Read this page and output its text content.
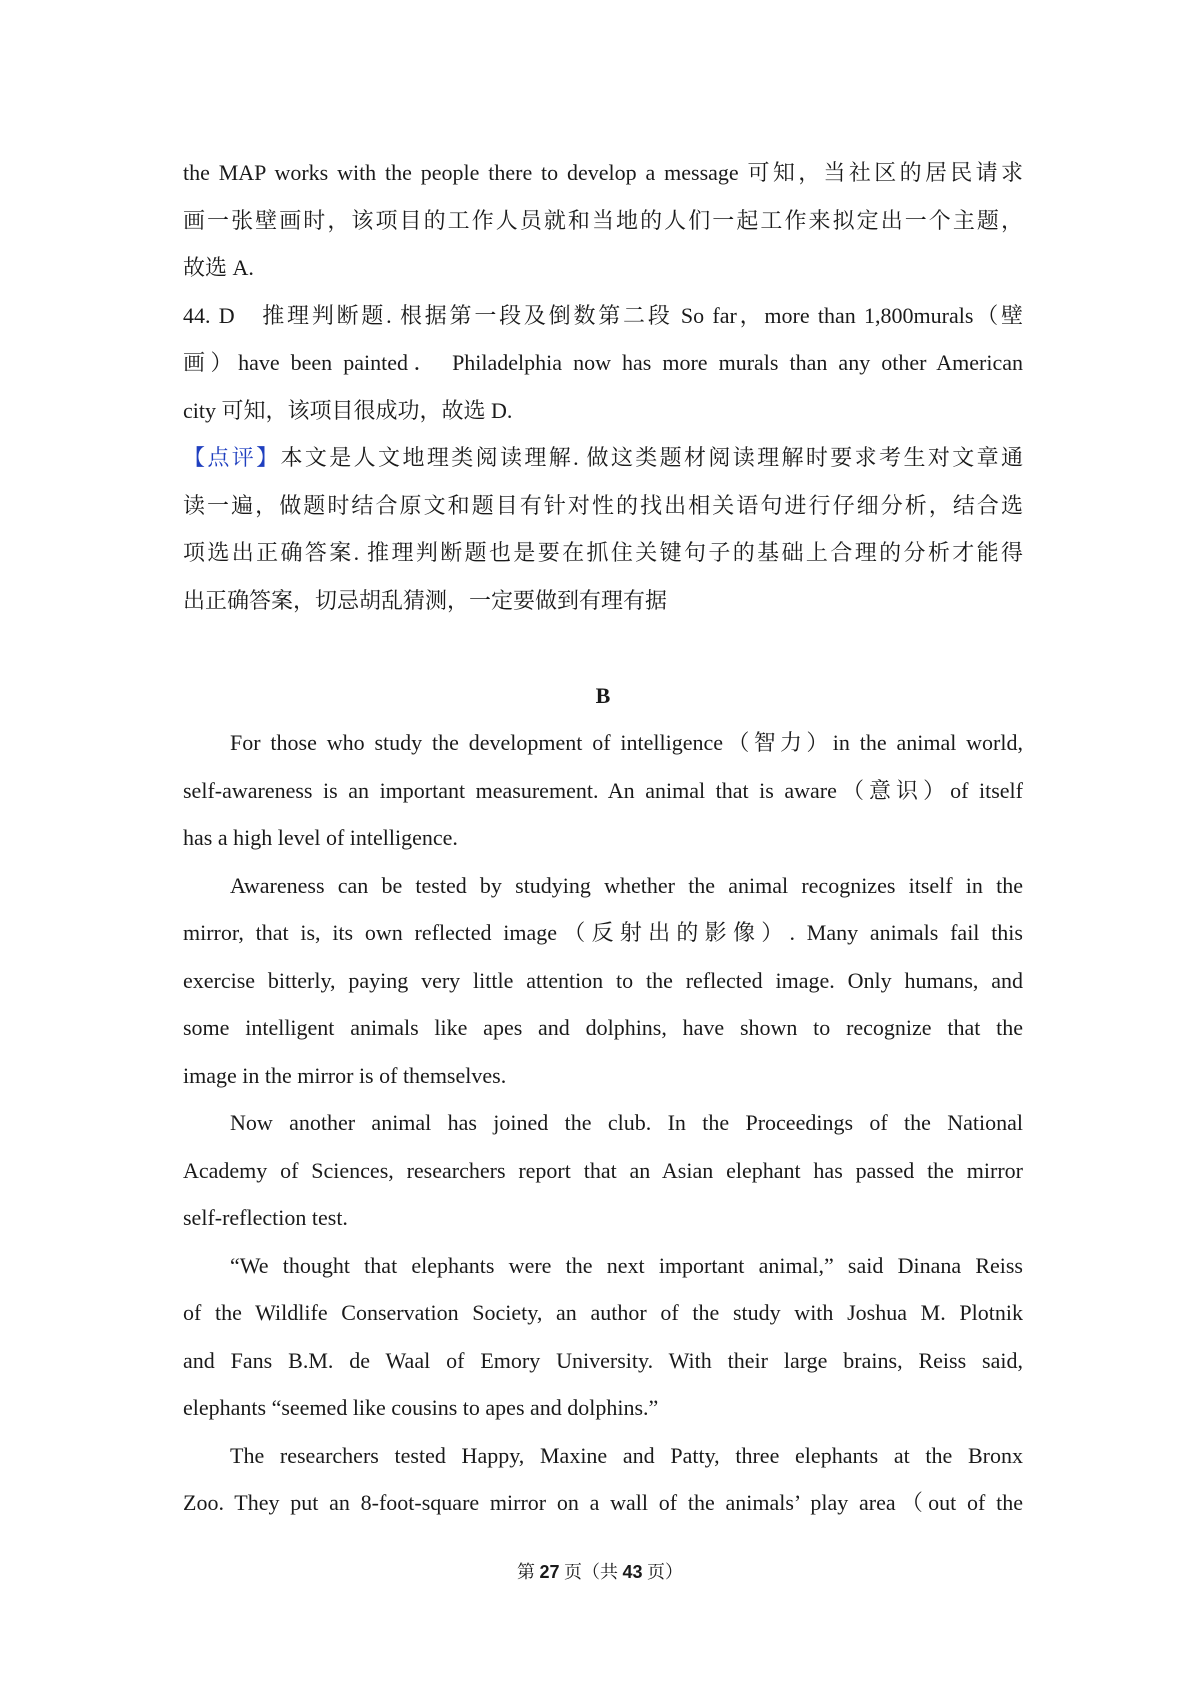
the MAP works with the people there to develop a message 可知，当社区的居民请求

画一张壁画时，该项目的工作人员就和当地的人们一起工作来拟定出一个主题，

故选 A.

44. D　推理判断题. 根据第一段及倒数第二段 So far，more than 1,800murals（壁

画）have been painted． Philadelphia now has more murals than any other American

city 可知，该项目很成功，故选 D.

【点评】本文是人文地理类阅读理解. 做这类题材阅读理解时要求考生对文章通

读一遍，做题时结合原文和题目有针对性的找出相关语句进行仔细分析，结合选

项选出正确答案. 推理判断题也是要在抓住关键句子的基础上合理的分析才能得

出正确答案，切忌胡乱猜测，一定要做到有理有据

B

For those who study the development of intelligence（智力）in the animal world,

self-awareness is an important measurement. An animal that is aware（意识）of itself

has a high level of intelligence.

Awareness can be tested by studying whether the animal recognizes itself in the

mirror, that is, its own reflected image（反射出的影像）. Many animals fail this

exercise bitterly, paying very little attention to the reflected image. Only humans, and

some intelligent animals like apes and dolphins, have shown to recognize that the

image in the mirror is of themselves.

Now another animal has joined the club. In the Proceedings of the National

Academy of Sciences, researchers report that an Asian elephant has passed the mirror

self-reflection test.

“We thought that elephants were the next important animal,” said Dinana Reiss

of the Wildlife Conservation Society, an author of the study with Joshua M. Plotnik

and Fans B.M. de Waal of Emory University. With their large brains, Reiss said,

elephants “seemed like cousins to apes and dolphins.”

The researchers tested Happy, Maxine and Patty, three elephants at the Bronx

Zoo. They put an 8-foot-square mirror on a wall of the animals’ play area（out of the

第 27 页（共 43 页）
